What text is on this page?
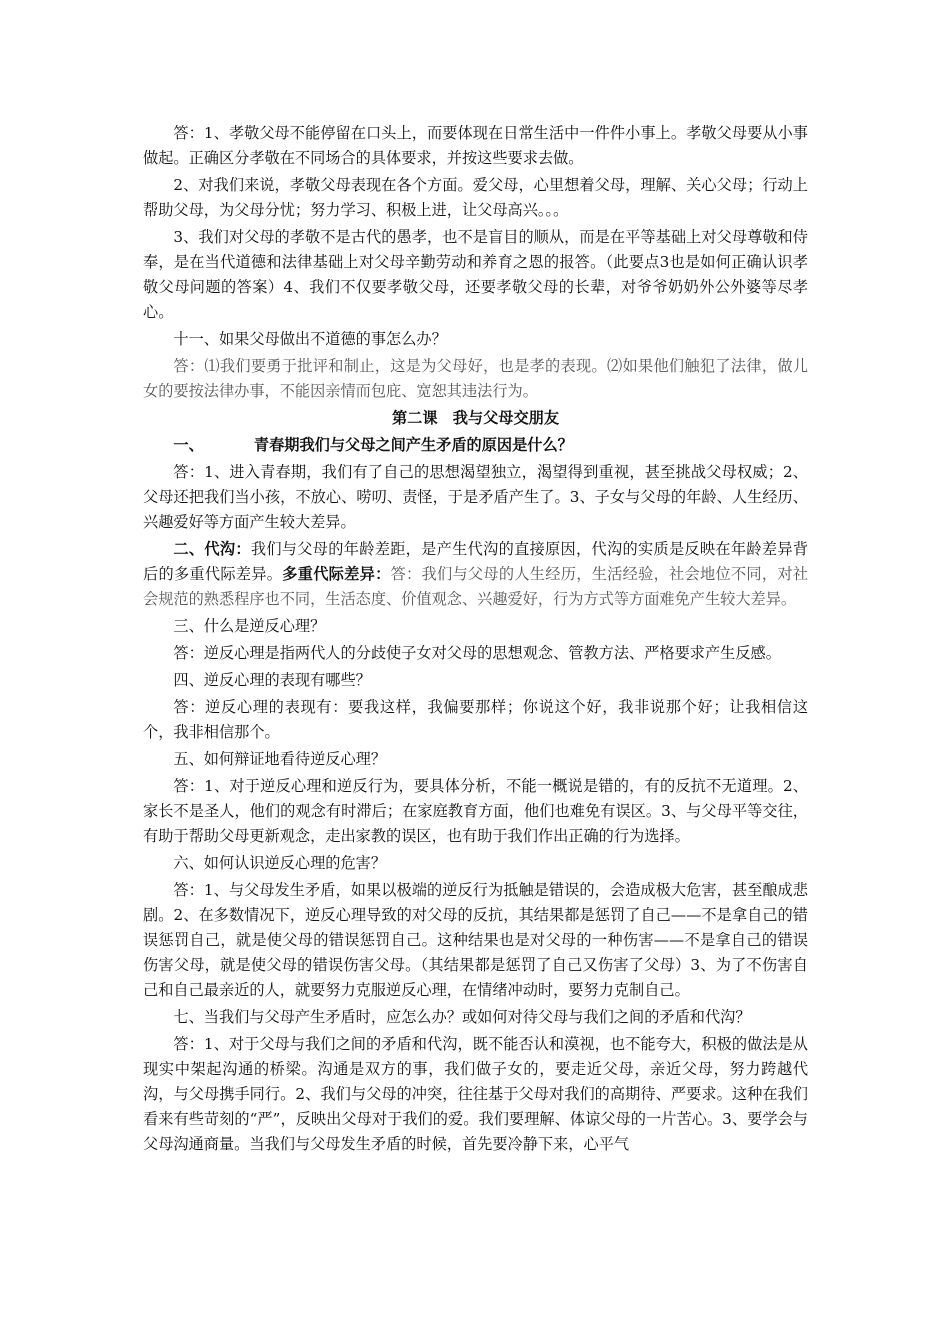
答：1、孝敬父母不能停留在口头上，而要体现在日常生活中一件件小事上。孝敬父母要从小事做起。正确区分孝敬在不同场合的具体要求，并按这些要求去做。

2、对我们来说，孝敬父母表现在各个方面。爱父母，心里想着父母，理解、关心父母；行动上帮助父母，为父母分忧；努力学习、积极上进，让父母高兴。。。

3、我们对父母的孝敬不是古代的愚孝，也不是盲目的顺从，而是在平等基础上对父母尊敬和侍奉，是在当代道德和法律基础上对父母辛勤劳动和养育之恩的报答。（此要点3也是如何正确认识孝敬父母问题的答案）4、我们不仅要孝敬父母，还要孝敬父母的长辈，对爷爷奶奶外公外婆等尽孝心。

十一、如果父母做出不道德的事怎么办？

答：⑴我们要勇于批评和制止，这是为父母好，也是孝的表现。⑵如果他们触犯了法律，做儿女的要按法律办事，不能因亲情而包庇、宽恕其违法行为。

第二课　我与父母交朋友

一、	青春期我们与父母之间产生矛盾的原因是什么？

答：1、进入青春期，我们有了自己的思想渴望独立，渴望得到重视，甚至挑战父母权威；2、父母还把我们当小孩，不放心、唠叨、责怪，于是矛盾产生了。3、子女与父母的年龄、人生经历、兴趣爱好等方面产生较大差异。

二、代沟：我们与父母的年龄差距，是产生代沟的直接原因，代沟的实质是反映在年龄差异背后的多重代际差异。多重代际差异：答：我们与父母的人生经历，生活经验，社会地位不同，对社会规范的熟悉程序也不同，生活态度、价值观念、兴趣爱好，行为方式等方面难免产生较大差异。

三、什么是逆反心理？

答：逆反心理是指两代人的分歧使子女对父母的思想观念、管教方法、严格要求产生反感。

四、逆反心理的表现有哪些？

答：逆反心理的表现有：要我这样，我偏要那样；你说这个好，我非说那个好；让我相信这个，我非相信那个。

五、如何辩证地看待逆反心理？

答：1、对于逆反心理和逆反行为，要具体分析，不能一概说是错的，有的反抗不无道理。2、家长不是圣人，他们的观念有时滞后；在家庭教育方面，他们也难免有误区。3、与父母平等交往，有助于帮助父母更新观念，走出家教的误区，也有助于我们作出正确的行为选择。

六、如何认识逆反心理的危害？

答：1、与父母发生矛盾，如果以极端的逆反行为抵触是错误的，会造成极大危害，甚至酿成悲剧。2、在多数情况下，逆反心理导致的对父母的反抗，其结果都是惩罚了自己——不是拿自己的错误惩罚自己，就是使父母的错误惩罚自己。这种结果也是对父母的一种伤害——不是拿自己的错误伤害父母，就是使父母的错误伤害父母。（其结果都是惩罚了自己又伤害了父母）3、为了不伤害自己和自己最亲近的人，就要努力克服逆反心理，在情绪冲动时，要努力克制自己。

七、当我们与父母产生矛盾时，应怎么办？或如何对待父母与我们之间的矛盾和代沟？

答：1、对于父母与我们之间的矛盾和代沟，既不能否认和漠视，也不能夸大，积极的做法是从现实中架起沟通的桥梁。沟通是双方的事，我们做子女的，要走近父母，亲近父母，努力跨越代沟，与父母携手同行。2、我们与父母的冲突，往往基于父母对我们的高期待、严要求。这种在我们看来有些苛刻的“严”，反映出父母对于我们的爱。我们要理解、体谅父母的一片苦心。3、要学会与父母沟通商量。当我们与父母发生矛盾的时候，首先要冷静下来，心平气
